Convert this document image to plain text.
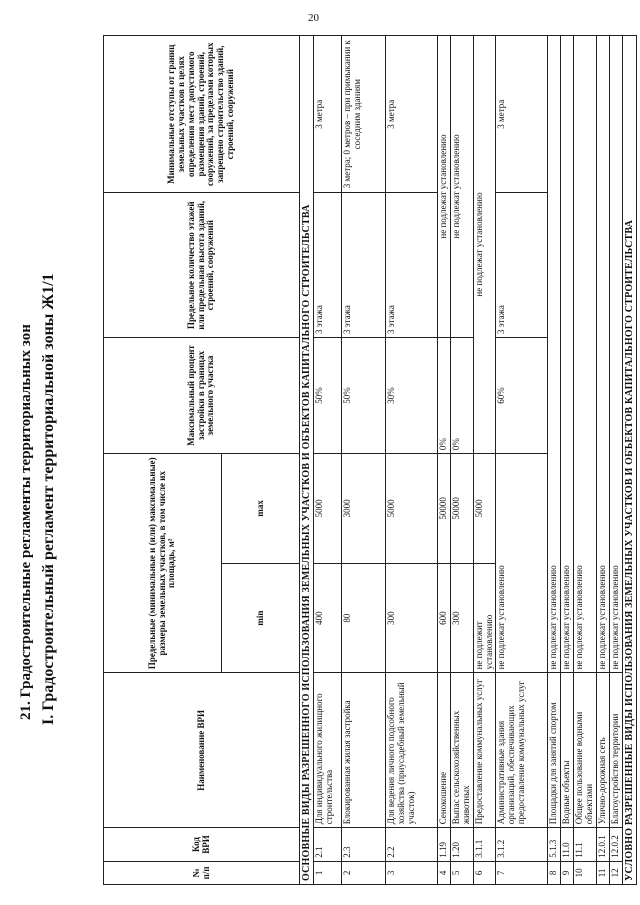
20
21. Градостроительные регламенты территориальных зон I. Градостроительный регламент территориальной зоны Ж1/1
№ п/п	Код ВРИ	Наименование ВРИ	Предельные (минимальные и (или) максимальные) размеры земельных участков, в том числе их площадь, м²		Максимальный процент застройки в границах земельного участка	Предельное количество этажей или предельная высота зданий, строений, сооружений	Минимальные отступы от границ земельных участков в целях определения мест допустимого размещения зданий, строений, сооружений, за пределами которых запрещено строительство зданий, строений, сооружений
			min	max			
ОСНОВНЫЕ ВИДЫ РАЗРЕШЕННОГО ИСПОЛЬЗОВАНИЯ ЗЕМЕЛЬНЫХ УЧАСТКОВ И ОБЪЕКТОВ КАПИТАЛЬНОГО СТРОИТЕЛЬСТВА							
1	2.1	Для индивидуального жилищного строительства	400	5000	50%	3 этажа	3 метра
2	2.3	Блокированная жилая застройка	80	3000	50%	3 этажа	3 метра; 0 метров – при примыкании к соседним зданиям
3	2.2	Для ведения личного подсобного хозяйства (приусадебный земельный участок)	300	5000	30%	3 этажа	3 метра
4	1.19	Сенокошение	600	50000	0%	не подлежат установлению	
5	1.20	Выпас сельскохозяйственных животных	300	50000	0%	не подлежат установлению	
6	3.1.1	Предоставление коммунальных услуг	не подлежит установлению	5000	не подлежат установлению		
7	3.1.2	Административные здания организаций, обеспечивающих предоставление коммунальных услуг	не подлежат установлению		60%	3 этажа	3 метра
8	5.1.3	Площадки для занятий спортом	не подлежат установлению				
9	11.0	Водные объекты	не подлежат установлению				
10	11.1	Общее пользование водными объектами	не подлежат установлению				
11	12.0.1	Улично-дорожная сеть	не подлежат установлению				
12	12.0.2	Благоустройство территории	не подлежат установлению				
УСЛОВНО РАЗРЕШЕННЫЕ ВИДЫ ИСПОЛЬЗОВАНИЯ ЗЕМЕЛЬНЫХ УЧАСТКОВ И ОБЪЕКТОВ КАПИТАЛЬНОГО СТРОИТЕЛЬСТВА							
